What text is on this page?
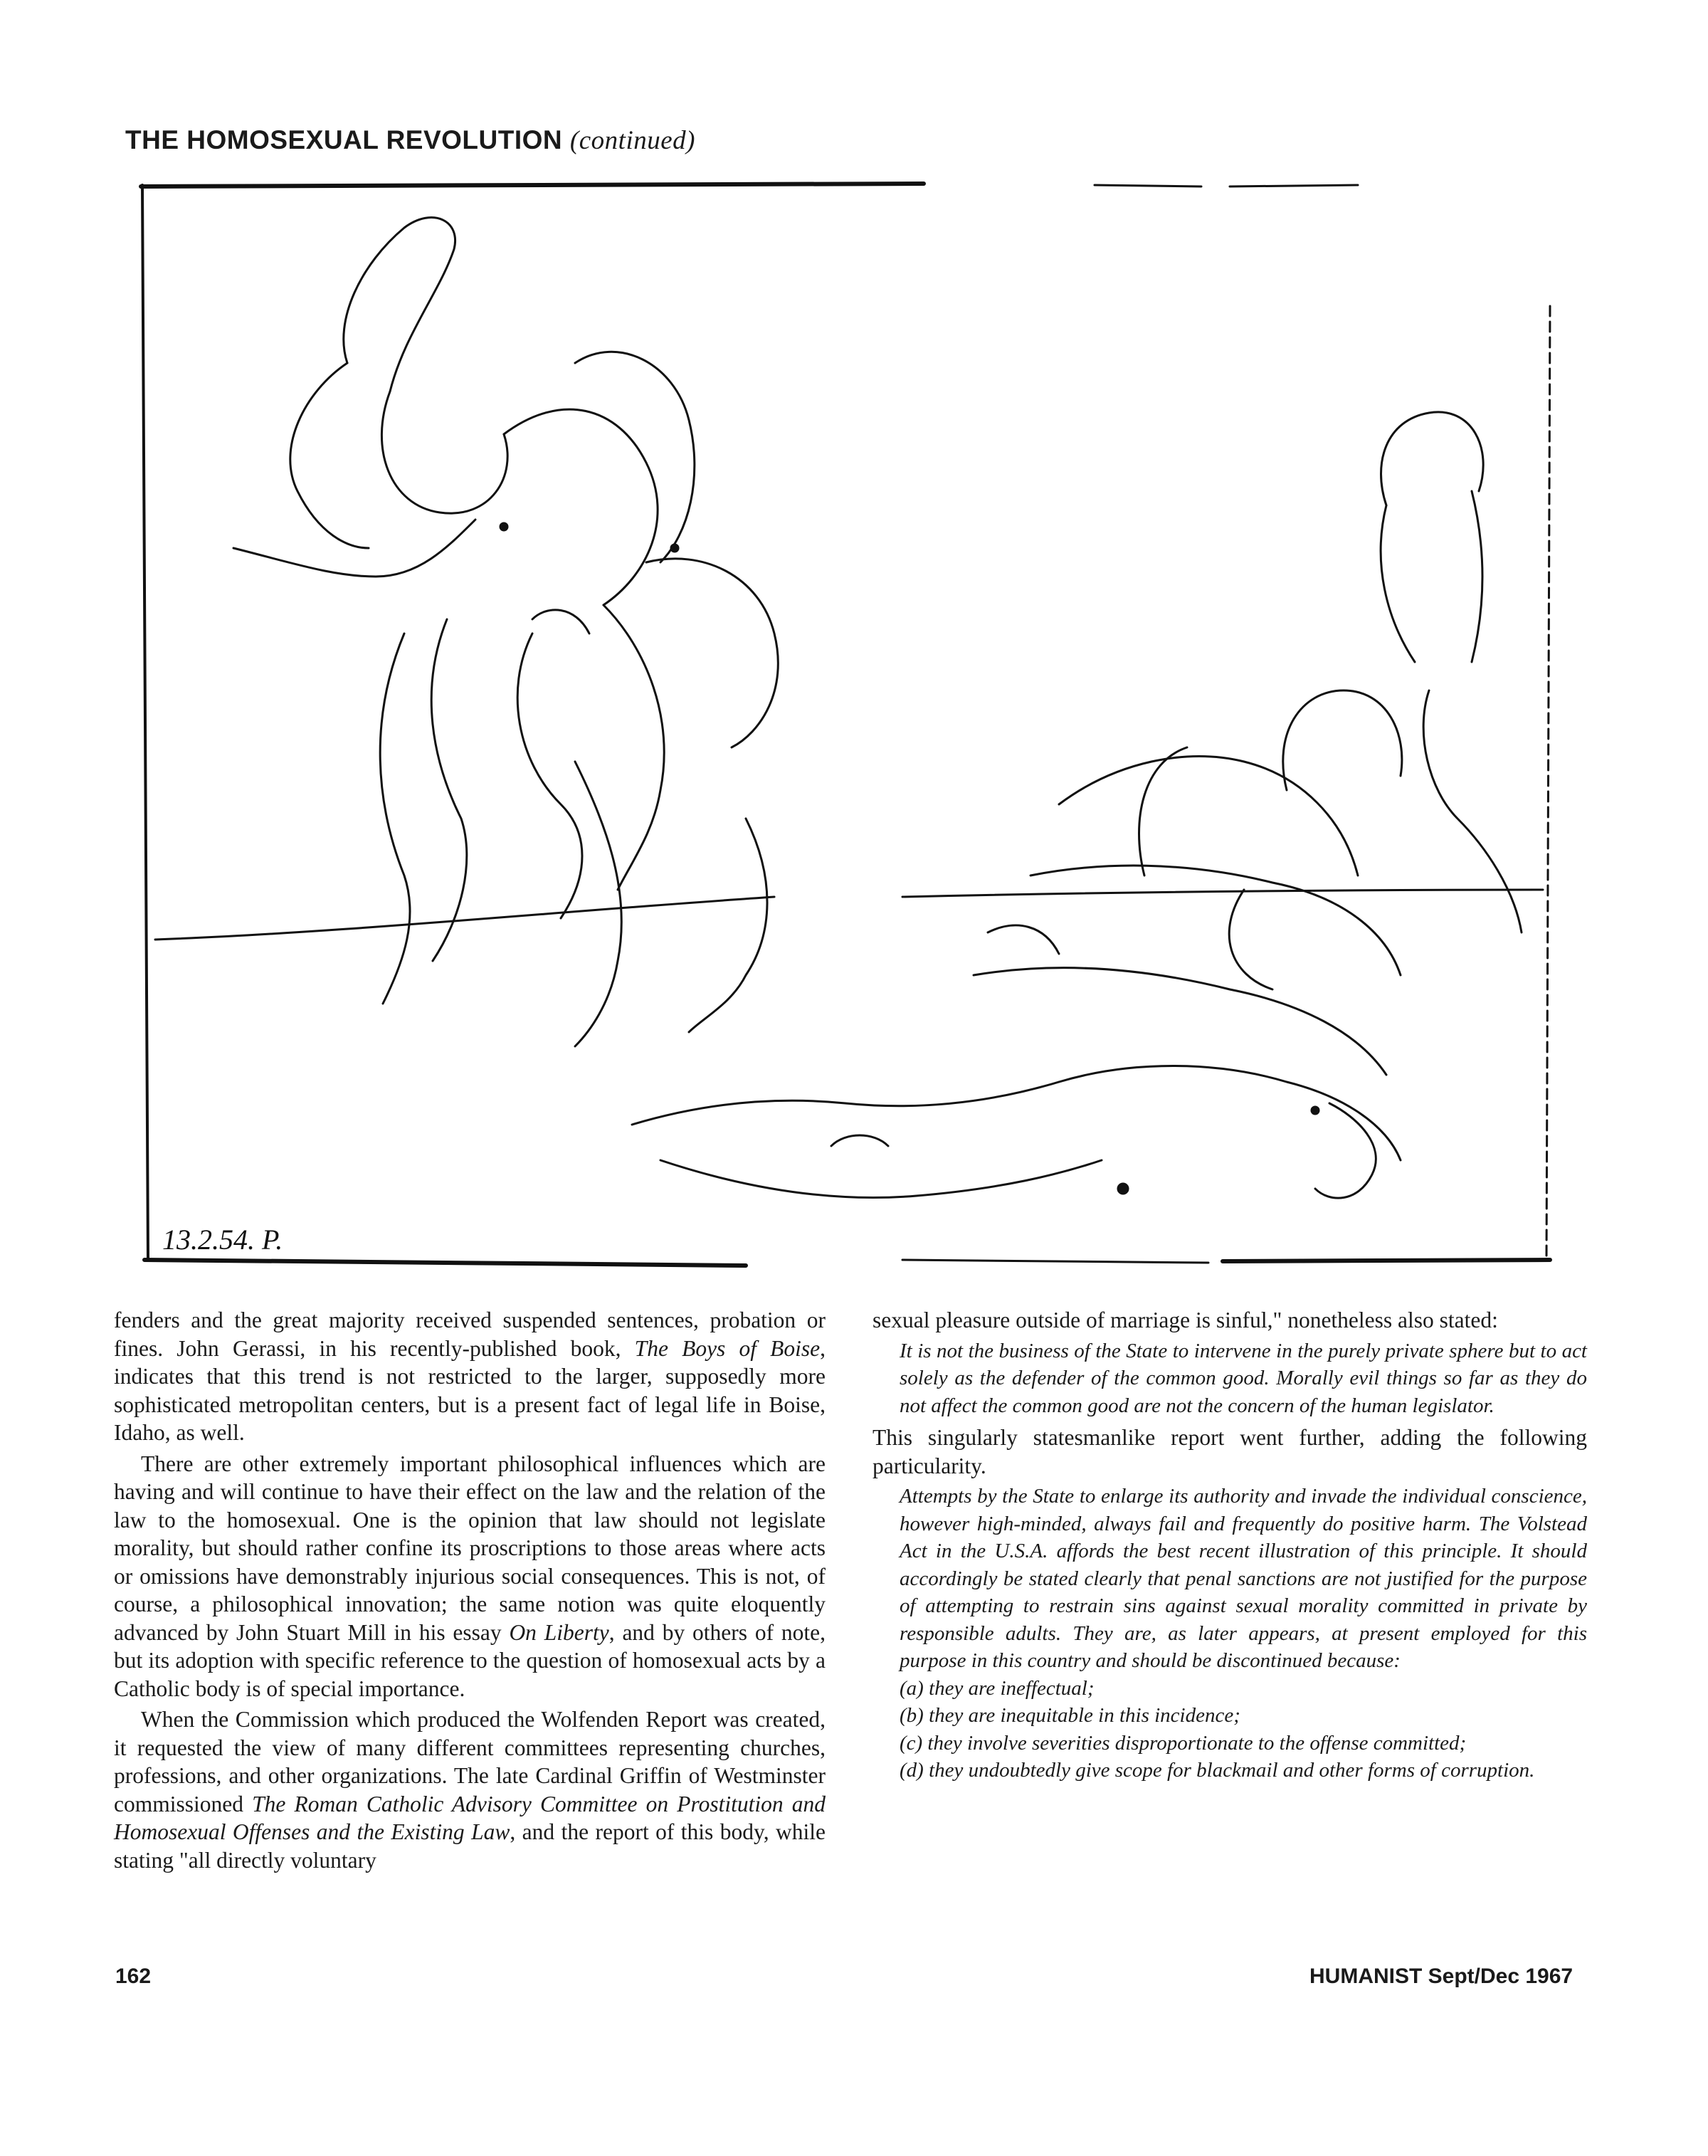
THE HOMOSEXUAL REVOLUTION (continued)
13.2.54. P.

fenders and the great majority received suspended sentences, probation or fines. John Gerassi, in his recently-published book, The Boys of Boise, indicates that this trend is not restricted to the larger, supposedly more sophisticated metropolitan centers, but is a present fact of legal life in Boise, Idaho, as well.

There are other extremely important philosophical influences which are having and will continue to have their effect on the law and the relation of the law to the homosexual. One is the opinion that law should not legislate morality, but should rather confine its proscriptions to those areas where acts or omissions have demonstrably injurious social consequences. This is not, of course, a philosophical innovation; the same notion was quite eloquently advanced by John Stuart Mill in his essay On Liberty, and by others of note, but its adoption with specific reference to the question of homosexual acts by a Catholic body is of special importance.

When the Commission which produced the Wolfenden Report was created, it requested the view of many different committees representing churches, professions, and other organizations. The late Cardinal Griffin of Westminster commissioned The Roman Catholic Advisory Committee on Prostitution and Homosexual Offenses and the Existing Law, and the report of this body, while stating "all directly voluntary

sexual pleasure outside of marriage is sinful," nonetheless also stated:

It is not the business of the State to intervene in the purely private sphere but to act solely as the defender of the common good. Morally evil things so far as they do not affect the common good are not the concern of the human legislator.

This singularly statesmanlike report went further, adding the following particularity.

Attempts by the State to enlarge its authority and invade the individual conscience, however high-minded, always fail and frequently do positive harm. The Volstead Act in the U.S.A. affords the best recent illustration of this principle. It should accordingly be stated clearly that penal sanctions are not justified for the purpose of attempting to restrain sins against sexual morality committed in private by responsible adults. They are, as later appears, at present employed for this purpose in this country and should be discontinued because:

(a) they are ineffectual;

(b) they are inequitable in this incidence;

(c) they involve severities disproportionate to the offense committed;

(d) they undoubtedly give scope for blackmail and other forms of corruption.

162	HUMANIST Sept/Dec 1967
